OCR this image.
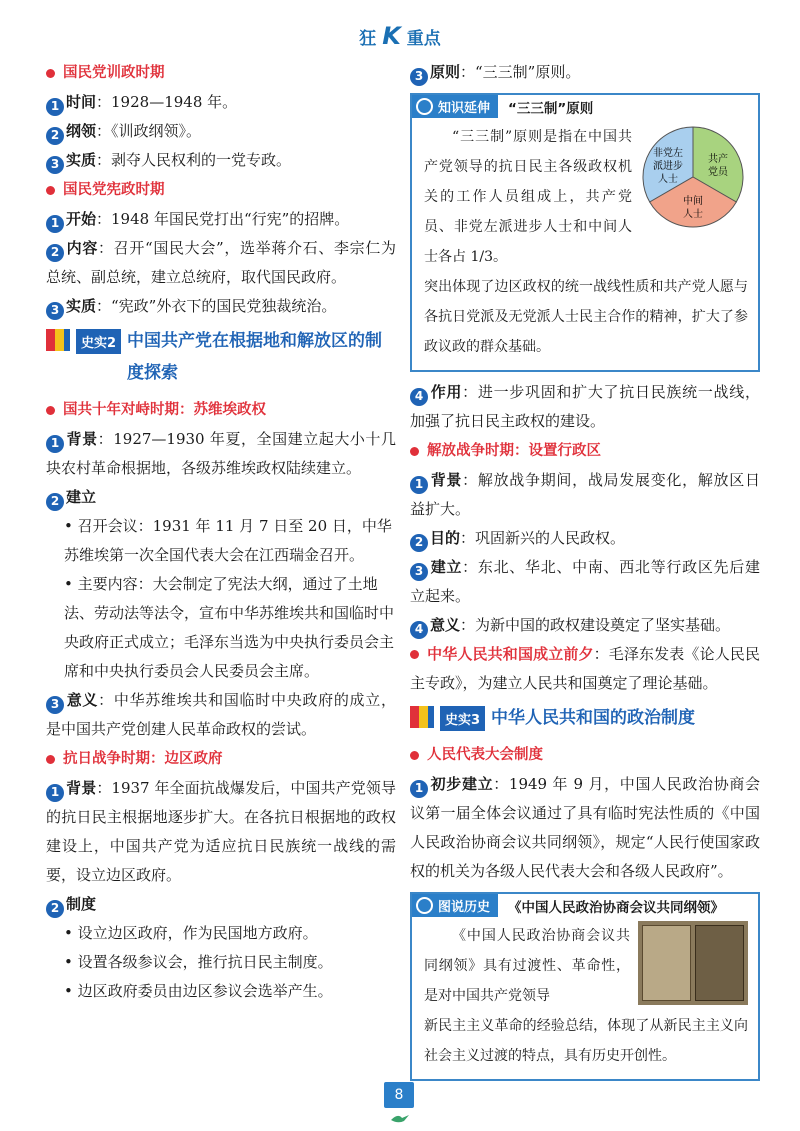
狂 K 重点
国民党训政时期
1 时间：1928—1948 年。
2 纲领：《训政纲领》。
3 实质：剥夺人民权利的一党专政。
国民党宪政时期
1 开始：1948 年国民党打出“行宪”的招牌。
2 内容：召开“国民大会”，选举蒋介石、李宗仁为总统、副总统，建立总统府，取代国民政府。
3 实质：“宪政”外衣下的国民党独裁统治。
史实2 中国共产党在根据地和解放区的制度探索
国共十年对峙时期：苏维埃政权
1 背景：1927—1930 年夏，全国建立起大小十几块农村革命根据地，各级苏维埃政权陆续建立。
2 建立
• 召开会议：1931 年 11 月 7 日至 20 日，中华苏维埃第一次全国代表大会在江西瑞金召开。
• 主要内容：大会制定了宪法大纲，通过了土地法、劳动法等法令，宣布中华苏维埃共和国临时中央政府正式成立；毛泽东当选为中央执行委员会主席和中央执行委员会人民委员会主席。
3 意义：中华苏维埃共和国临时中央政府的成立，是中国共产党创建人民革命政权的尝试。
抗日战争时期：边区政府
1 背景：1937 年全面抗战爆发后，中国共产党领导的抗日民主根据地逐步扩大。在各抗日根据地的政权建设上，中国共产党为适应抗日民族统一战线的需要，设立边区政府。
2 制度
• 设立边区政府，作为民国地方政府。
• 设置各级参议会，推行抗日民主制度。
• 边区政府委员由边区参议会选举产生。
3 原则：“三三制”原则。
知识延伸 “三三制”原则
“三三制”原则是指在中国共产党领导的抗日民主各级政权机关的工作人员组成上，共产党员、非党左派进步人士和中间人士各占 1/3。
非党左
派进步
人士
共产
党员
中间
人士
突出体现了边区政权的统一战线性质和共产党人愿与各抗日党派及无党派人士民主合作的精神，扩大了参政议政的群众基础。
4 作用：进一步巩固和扩大了抗日民族统一战线，加强了抗日民主政权的建设。
解放战争时期：设置行政区
1 背景：解放战争期间，战局发展变化，解放区日益扩大。
2 目的：巩固新兴的人民政权。
3 建立：东北、华北、中南、西北等行政区先后建立起来。
4 意义：为新中国的政权建设奠定了坚实基础。
中华人民共和国成立前夕：毛泽东发表《论人民民主专政》，为建立人民共和国奠定了理论基础。
史实3 中华人民共和国的政治制度
人民代表大会制度
1 初步建立：1949 年 9 月，中国人民政治协商会议第一届全体会议通过了具有临时宪法性质的《中国人民政治协商会议共同纲领》，规定“人民行使国家政权的机关为各级人民代表大会和各级人民政府”。
图说历史 《中国人民政治协商会议共同纲领》
《中国人民政治协商会议共同纲领》具有过渡性、革命性，是对中国共产党领导
新民主主义革命的经验总结，体现了从新民主主义向社会主义过渡的特点，具有历史开创性。
8
